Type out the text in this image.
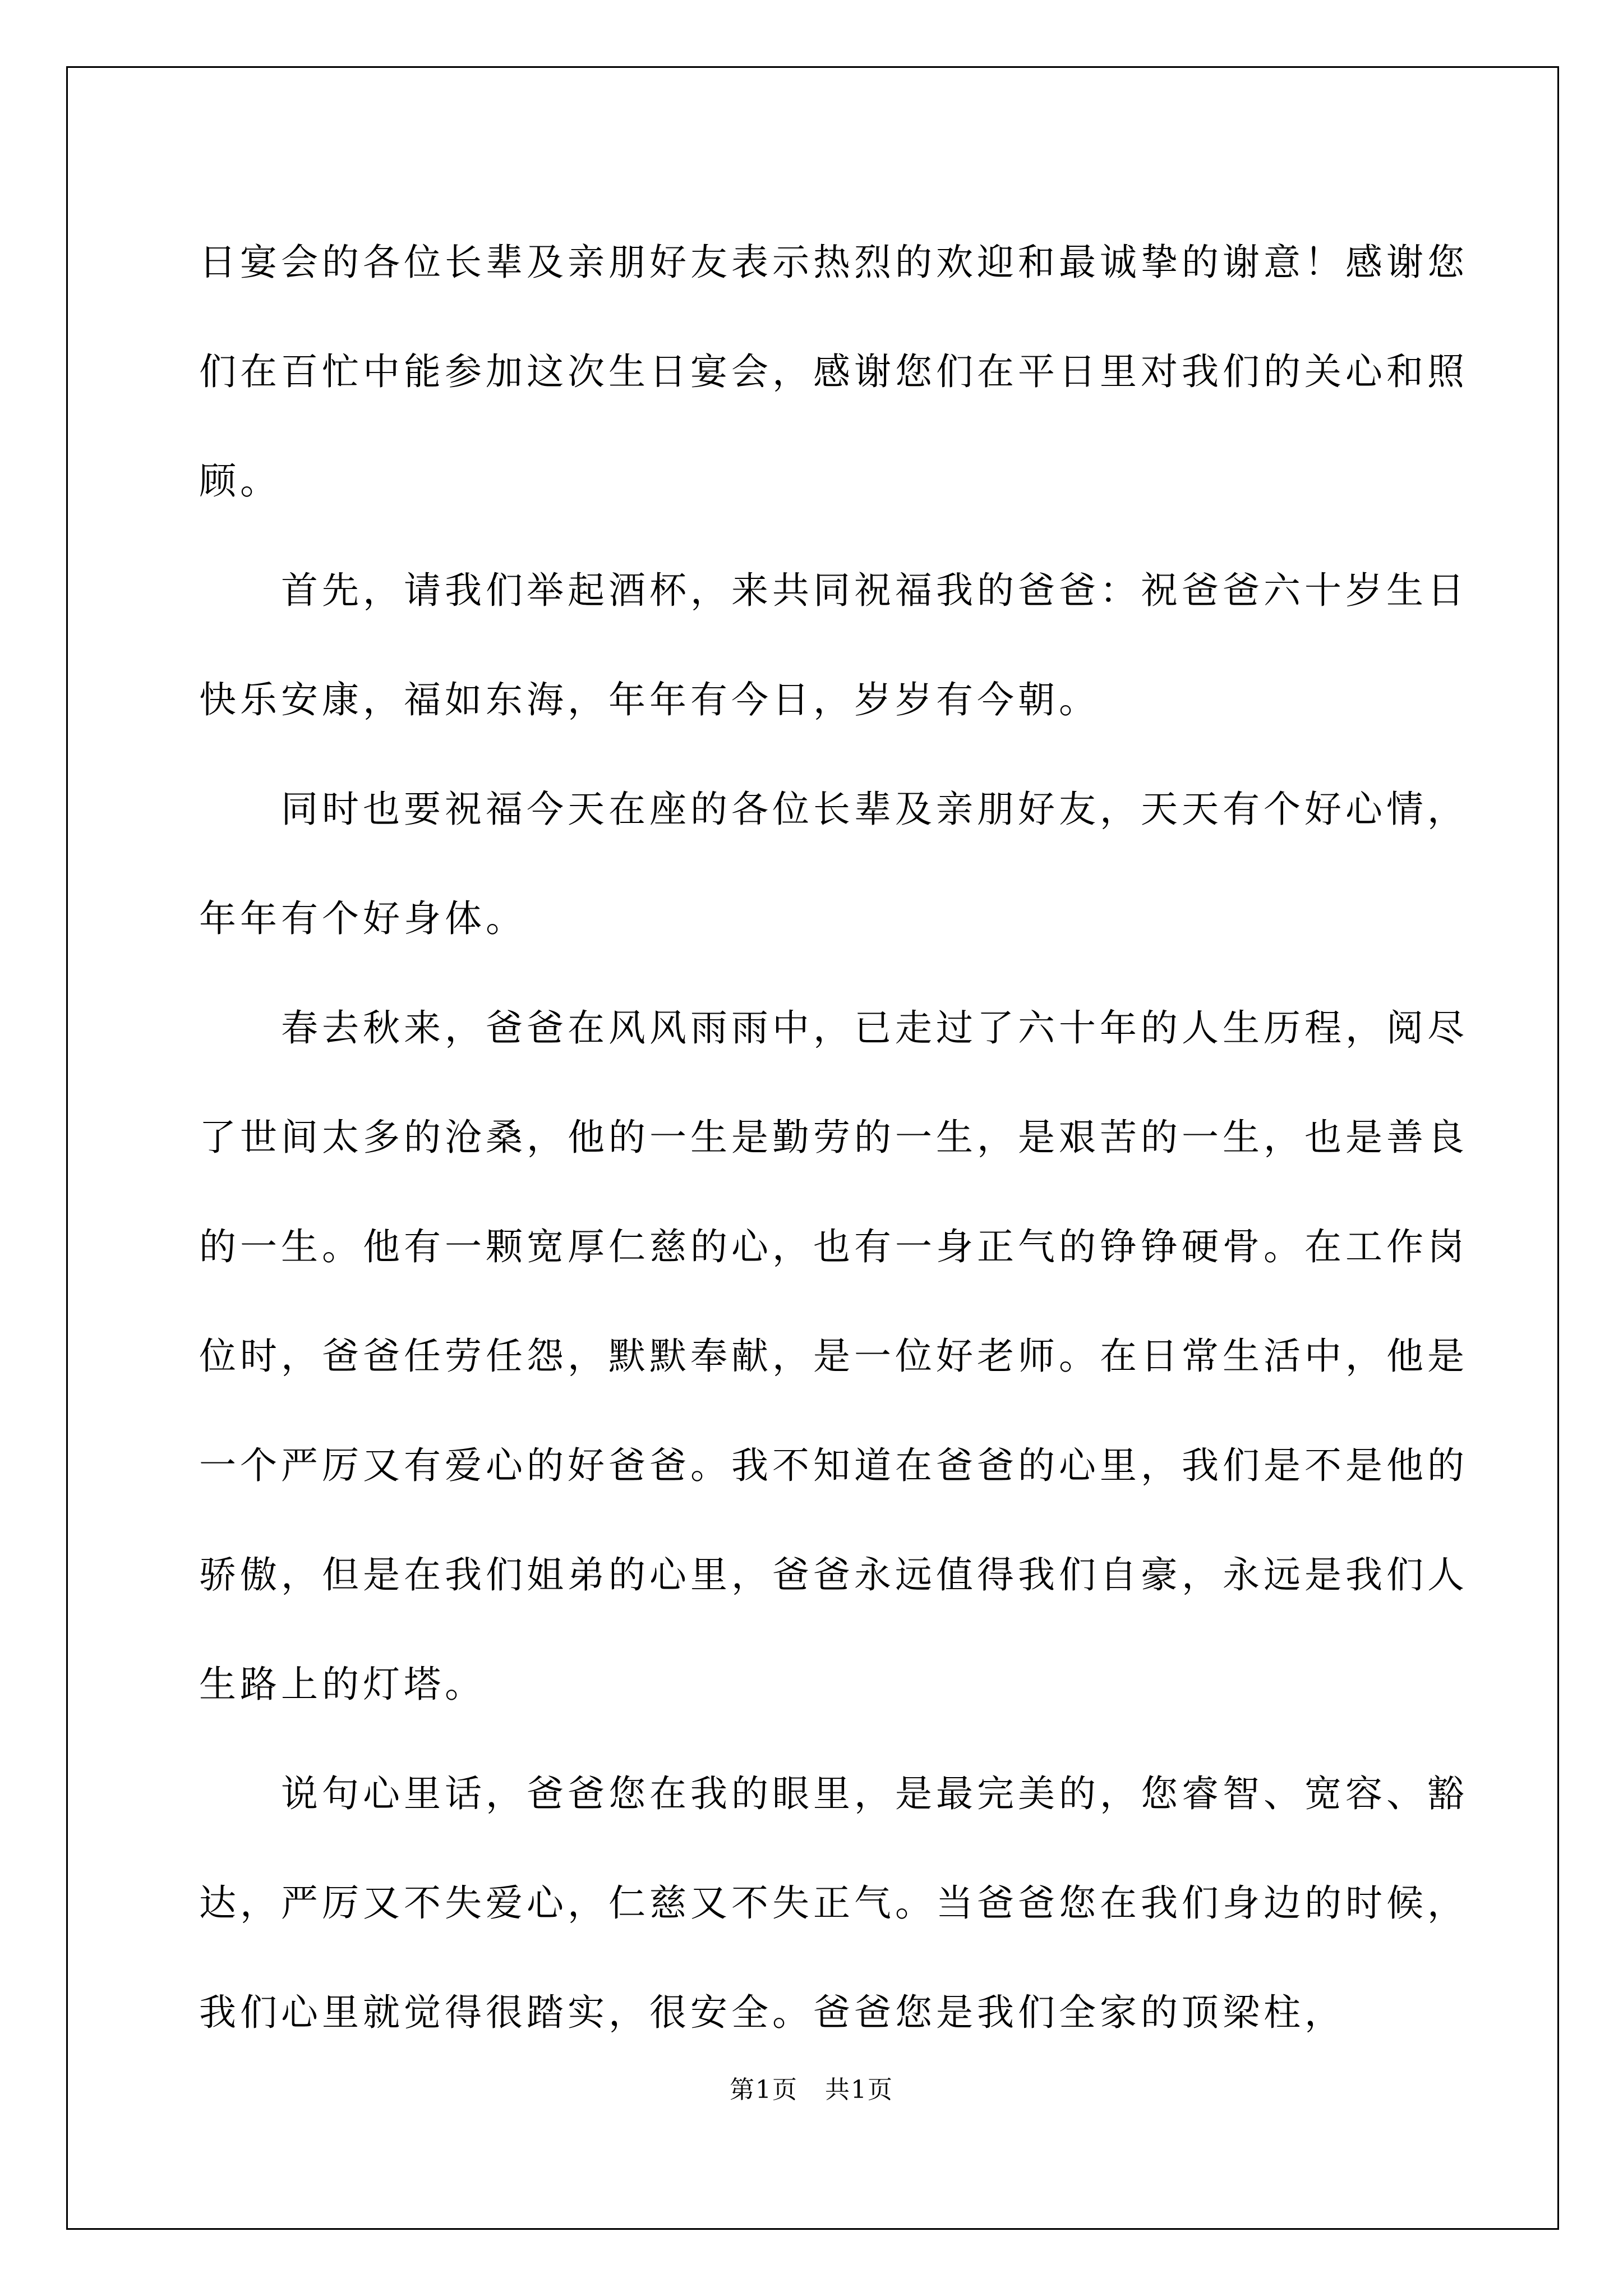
日宴会的各位长辈及亲朋好友表示热烈的欢迎和最诚挚的谢意！感谢您们在百忙中能参加这次生日宴会，感谢您们在平日里对我们的关心和照顾。

首先，请我们举起酒杯，来共同祝福我的爸爸：祝爸爸六十岁生日快乐安康，福如东海，年年有今日，岁岁有今朝。

同时也要祝福今天在座的各位长辈及亲朋好友，天天有个好心情，年年有个好身体。

春去秋来，爸爸在风风雨雨中，已走过了六十年的人生历程，阅尽了世间太多的沧桑，他的一生是勤劳的一生，是艰苦的一生，也是善良的一生。他有一颗宽厚仁慈的心，也有一身正气的铮铮硬骨。在工作岗位时，爸爸任劳任怨，默默奉献，是一位好老师。在日常生活中，他是一个严厉又有爱心的好爸爸。我不知道在爸爸的心里，我们是不是他的骄傲，但是在我们姐弟的心里，爸爸永远值得我们自豪，永远是我们人生路上的灯塔。

说句心里话，爸爸您在我的眼里，是最完美的，您睿智、宽容、豁达，严厉又不失爱心，仁慈又不失正气。当爸爸您在我们身边的时候，我们心里就觉得很踏实，很安全。爸爸您是我们全家的顶梁柱，

第1页 共1页
